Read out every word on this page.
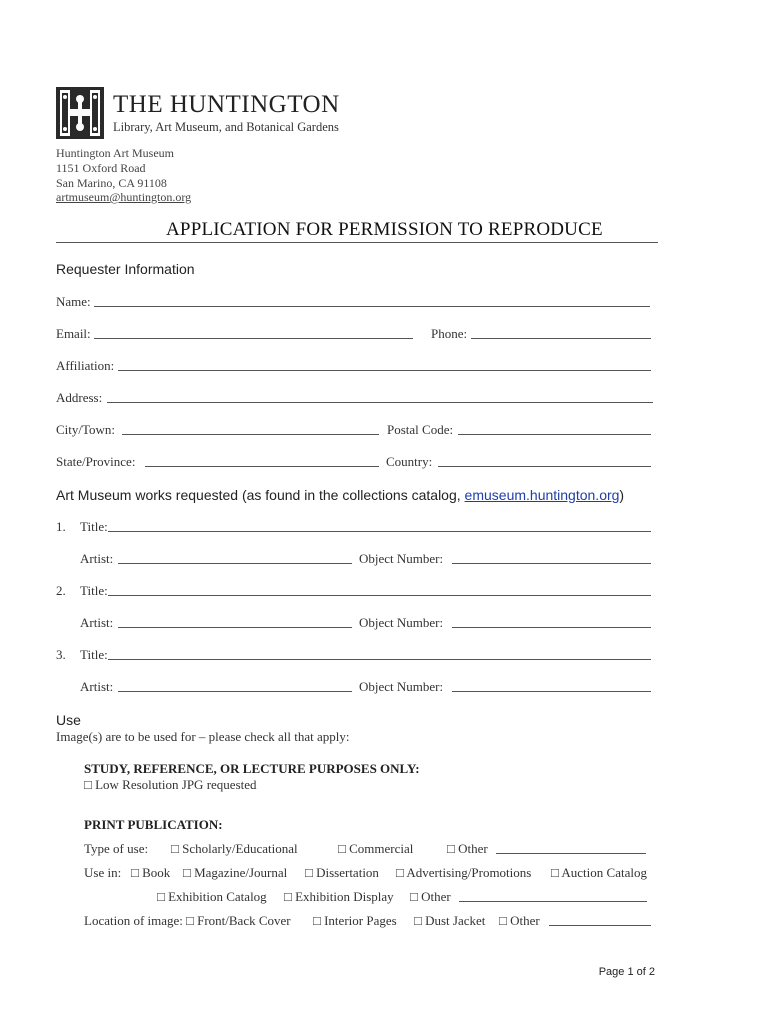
THE HUNTINGTON
Library, Art Museum, and Botanical Gardens
Huntington Art Museum
1151 Oxford Road
San Marino, CA 91108
artmuseum@huntington.org
APPLICATION FOR PERMISSION TO REPRODUCE
Requester Information
Name:
Email:	Phone:
Affiliation:
Address:
City/Town:	Postal Code:
State/Province:	Country:
Art Museum works requested (as found in the collections catalog, emuseum.huntington.org)
1. Title:
Artist:	Object Number:
2. Title:
Artist:	Object Number:
3. Title:
Artist:	Object Number:
Use
Image(s) are to be used for – please check all that apply:
STUDY, REFERENCE, OR LECTURE PURPOSES ONLY:
□ Low Resolution JPG requested
PRINT PUBLICATION:
Type of use: □ Scholarly/Educational	□ Commercial	□ Other
Use in: □ Book □ Magazine/Journal □ Dissertation □ Advertising/Promotions □ Auction Catalog
□ Exhibition Catalog □ Exhibition Display □ Other
Location of image: □ Front/Back Cover □ Interior Pages □ Dust Jacket □ Other
Page 1 of 2
